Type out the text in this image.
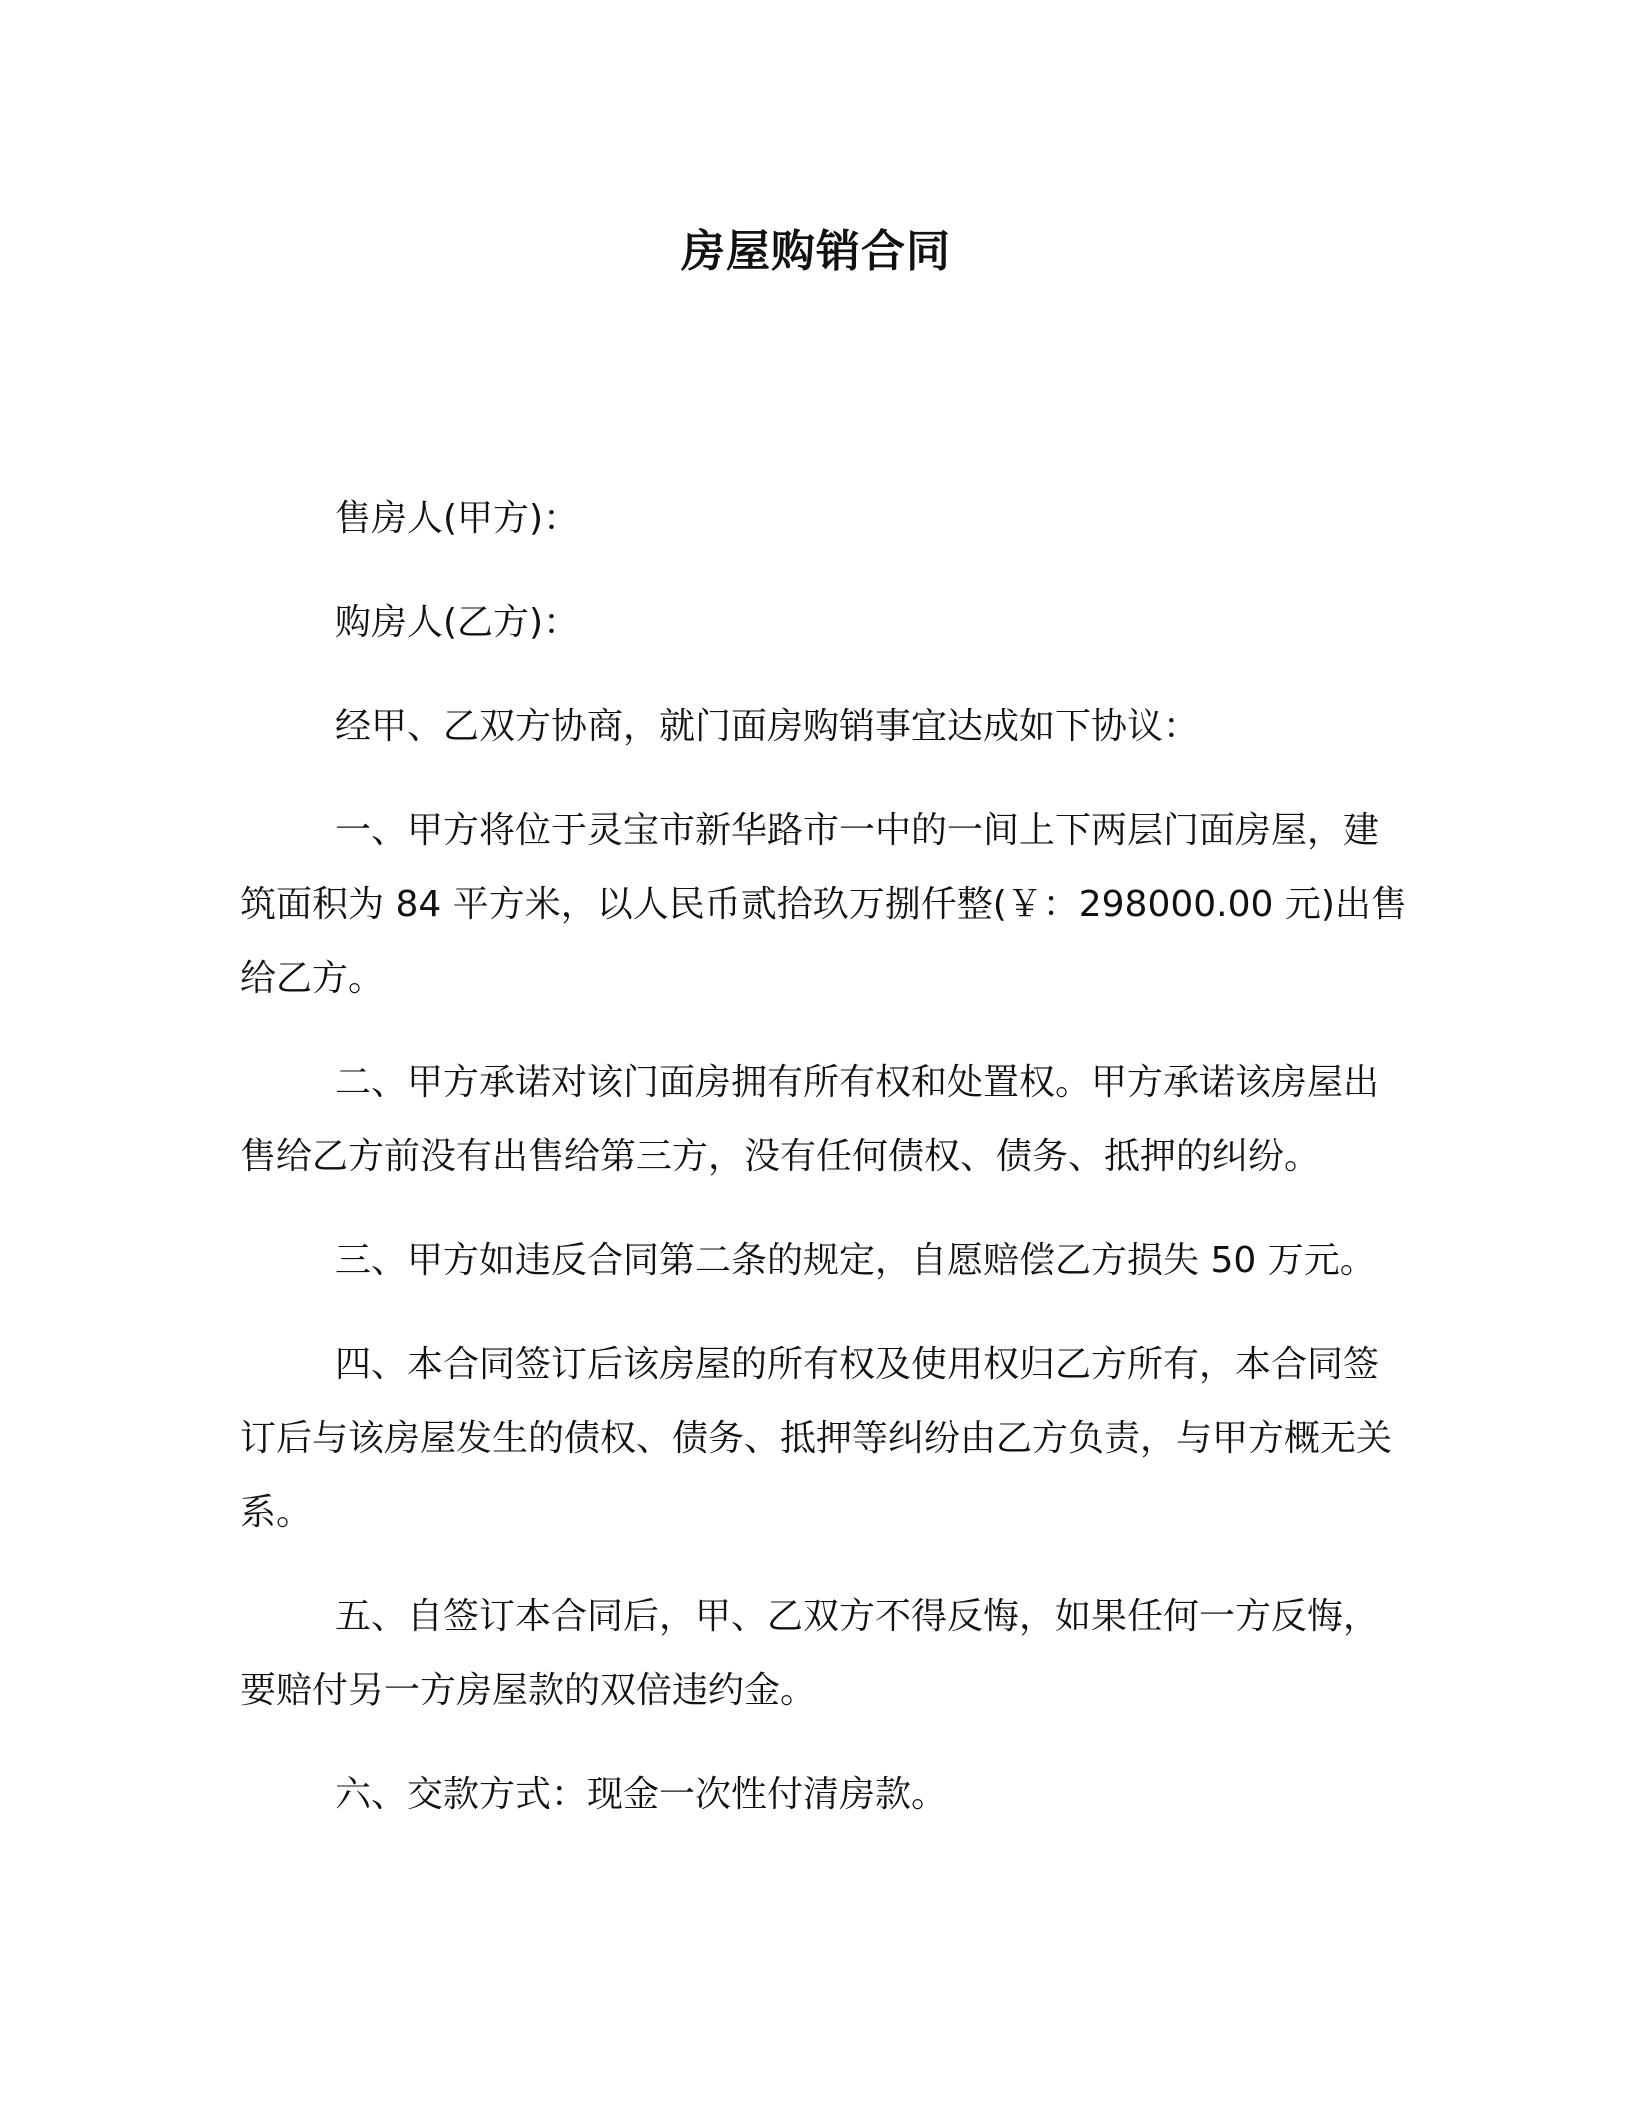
房屋购销合同

售房人(甲方)：

购房人(乙方)：

经甲、乙双方协商，就门面房购销事宜达成如下协议：

一、甲方将位于灵宝市新华路市一中的一间上下两层门面房屋，建筑面积为 84 平方米，以人民币贰拾玖万捌仟整(￥：298000.00 元)出售给乙方。

二、甲方承诺对该门面房拥有所有权和处置权。甲方承诺该房屋出售给乙方前没有出售给第三方，没有任何债权、债务、抵押的纠纷。

三、甲方如违反合同第二条的规定，自愿赔偿乙方损失 50 万元。

四、本合同签订后该房屋的所有权及使用权归乙方所有，本合同签订后与该房屋发生的债权、债务、抵押等纠纷由乙方负责，与甲方概无关系。

五、自签订本合同后，甲、乙双方不得反悔，如果任何一方反悔，要赔付另一方房屋款的双倍违约金。

六、交款方式：现金一次性付清房款。
